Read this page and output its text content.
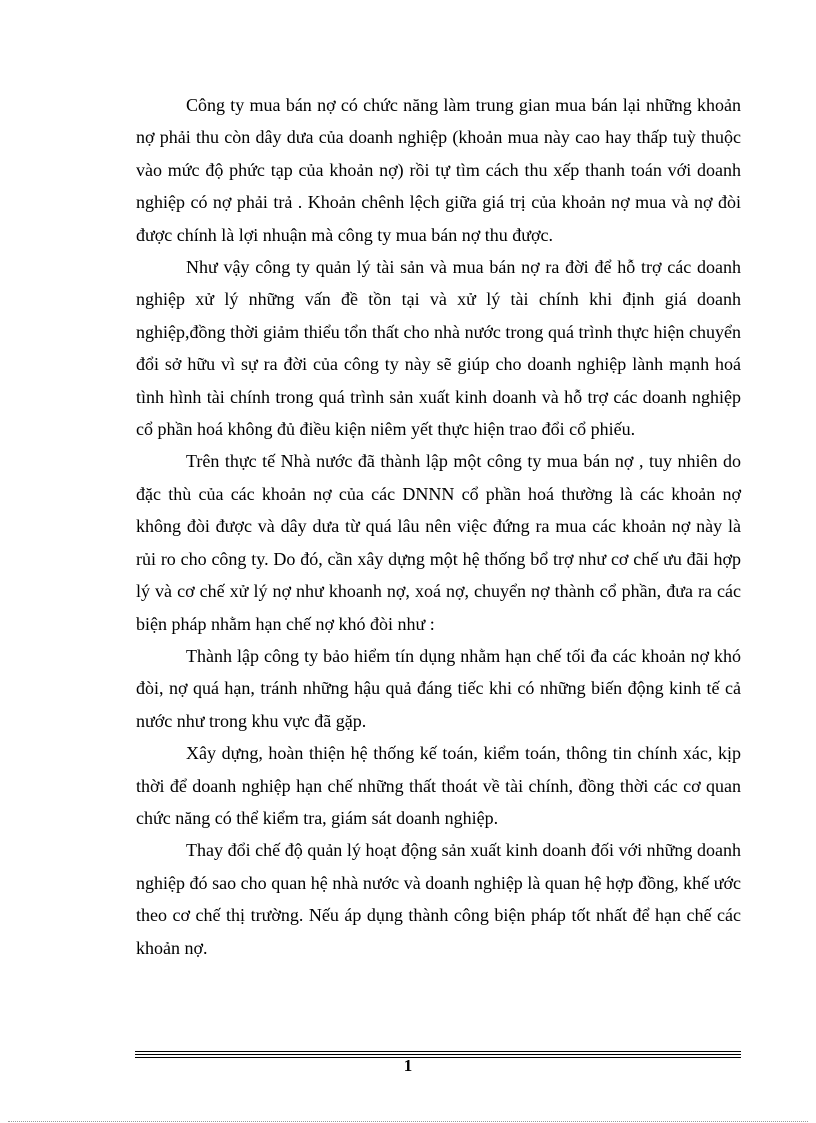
Công ty mua bán nợ có chức năng làm trung gian mua bán lại những khoản nợ phải thu còn dây dưa của doanh nghiệp (khoản mua này cao hay thấp tuỳ thuộc vào mức độ phức tạp của khoản nợ) rồi tự tìm cách thu xếp thanh toán với doanh nghiệp có nợ phải trả . Khoản chênh lệch giữa giá trị của khoản nợ mua và nợ đòi được chính là lợi nhuận mà công ty mua bán nợ thu được.

Như vậy công ty quản lý tài sản và mua bán nợ ra đời để hỗ trợ các doanh nghiệp xử lý những vấn đề tồn tại và xử lý tài chính khi định giá doanh nghiệp,đồng thời giảm thiểu tổn thất cho nhà nước trong quá trình thực hiện chuyển đổi sở hữu vì sự ra đời của công ty này sẽ giúp cho doanh nghiệp lành mạnh hoá tình hình tài chính trong quá trình sản xuất kinh doanh và hỗ trợ các doanh nghiệp cổ phần hoá không đủ điều kiện niêm yết thực hiện trao đổi cổ phiếu.

Trên thực tế Nhà nước đã thành lập một công ty mua bán nợ , tuy nhiên do đặc thù của các khoản nợ của các DNNN cổ phần hoá thường là các khoản nợ không đòi được và dây dưa từ quá lâu nên việc đứng ra mua các khoản nợ này là rủi ro cho công ty. Do đó, cần xây dựng một hệ thống bổ trợ như cơ chế ưu đãi hợp lý và cơ chế xử lý nợ như khoanh nợ, xoá nợ, chuyển nợ thành cổ phần, đưa ra các biện pháp nhằm hạn chế nợ khó đòi như :

Thành lập công ty bảo hiểm tín dụng nhằm hạn chế tối đa các khoản nợ khó đòi, nợ quá hạn, tránh những hậu quả đáng tiếc khi có những biến động kinh tế cả nước như trong khu vực đã gặp.

Xây dựng, hoàn thiện hệ thống kế toán, kiểm toán, thông tin chính xác, kịp thời để doanh nghiệp hạn chế những thất thoát về tài chính, đồng thời các cơ quan chức năng có thể kiểm tra, giám sát doanh nghiệp.

Thay đổi chế độ quản lý hoạt động sản xuất kinh doanh đối với những doanh nghiệp đó sao cho quan hệ nhà nước và doanh nghiệp là quan hệ hợp đồng, khế ước theo cơ chế thị trường. Nếu áp dụng thành công biện pháp tốt nhất để hạn chế các khoản nợ.

1
